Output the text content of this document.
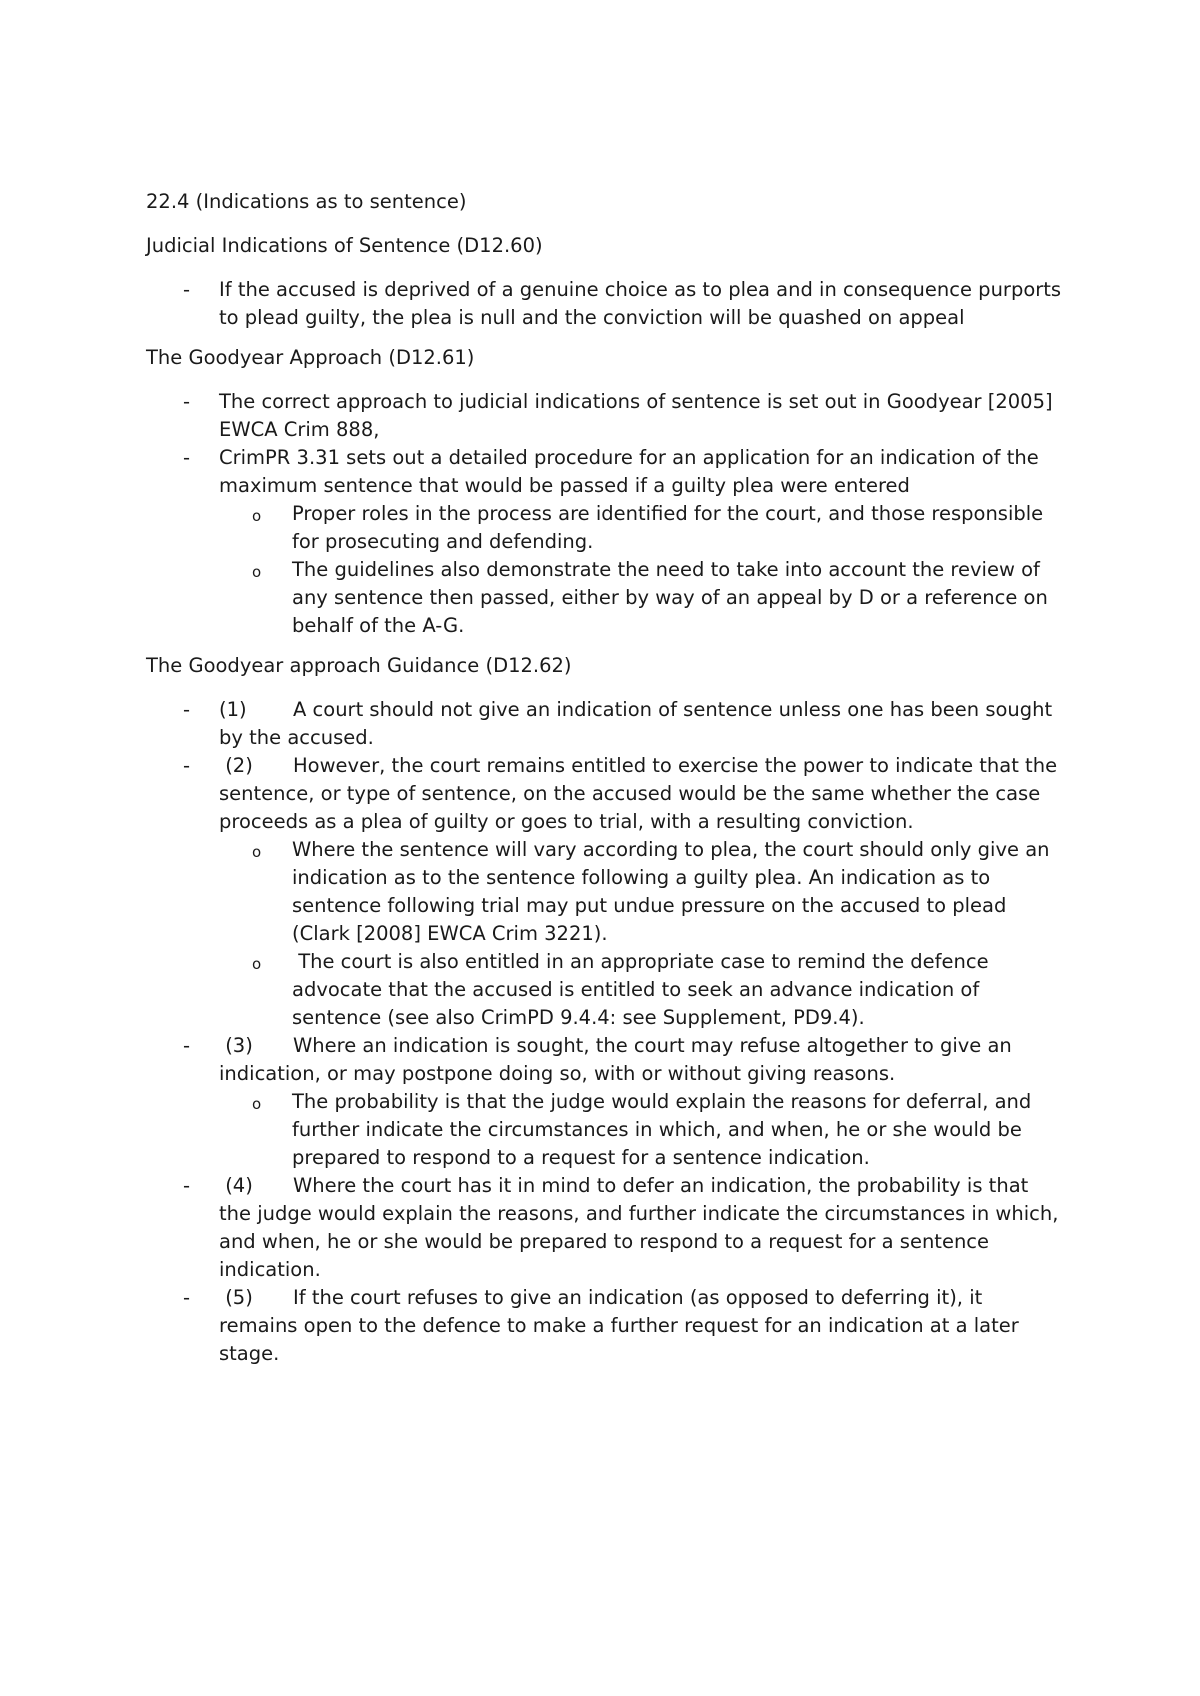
22.4 (Indications as to sentence)
Judicial Indications of Sentence (D12.60)
- If the accused is deprived of a genuine choice as to plea and in consequence purports to plead guilty, the plea is null and the conviction will be quashed on appeal
The Goodyear Approach (D12.61)
- The correct approach to judicial indications of sentence is set out in Goodyear [2005] EWCA Crim 888,
- CrimPR 3.31 sets out a detailed procedure for an application for an indication of the maximum sentence that would be passed if a guilty plea were entered
o Proper roles in the process are identified for the court, and those responsible for prosecuting and defending.
o The guidelines also demonstrate the need to take into account the review of any sentence then passed, either by way of an appeal by D or a reference on behalf of the A-G.
The Goodyear approach Guidance (D12.62)
- (1) A court should not give an indication of sentence unless one has been sought by the accused.
- (2) However, the court remains entitled to exercise the power to indicate that the sentence, or type of sentence, on the accused would be the same whether the case proceeds as a plea of guilty or goes to trial, with a resulting conviction.
o Where the sentence will vary according to plea, the court should only give an indication as to the sentence following a guilty plea. An indication as to sentence following trial may put undue pressure on the accused to plead (Clark [2008] EWCA Crim 3221).
o The court is also entitled in an appropriate case to remind the defence advocate that the accused is entitled to seek an advance indication of sentence (see also CrimPD 9.4.4: see Supplement, PD9.4).
- (3) Where an indication is sought, the court may refuse altogether to give an indication, or may postpone doing so, with or without giving reasons.
o The probability is that the judge would explain the reasons for deferral, and further indicate the circumstances in which, and when, he or she would be prepared to respond to a request for a sentence indication.
- (4) Where the court has it in mind to defer an indication, the probability is that the judge would explain the reasons, and further indicate the circumstances in which, and when, he or she would be prepared to respond to a request for a sentence indication.
- (5) If the court refuses to give an indication (as opposed to deferring it), it remains open to the defence to make a further request for an indication at a later stage.
